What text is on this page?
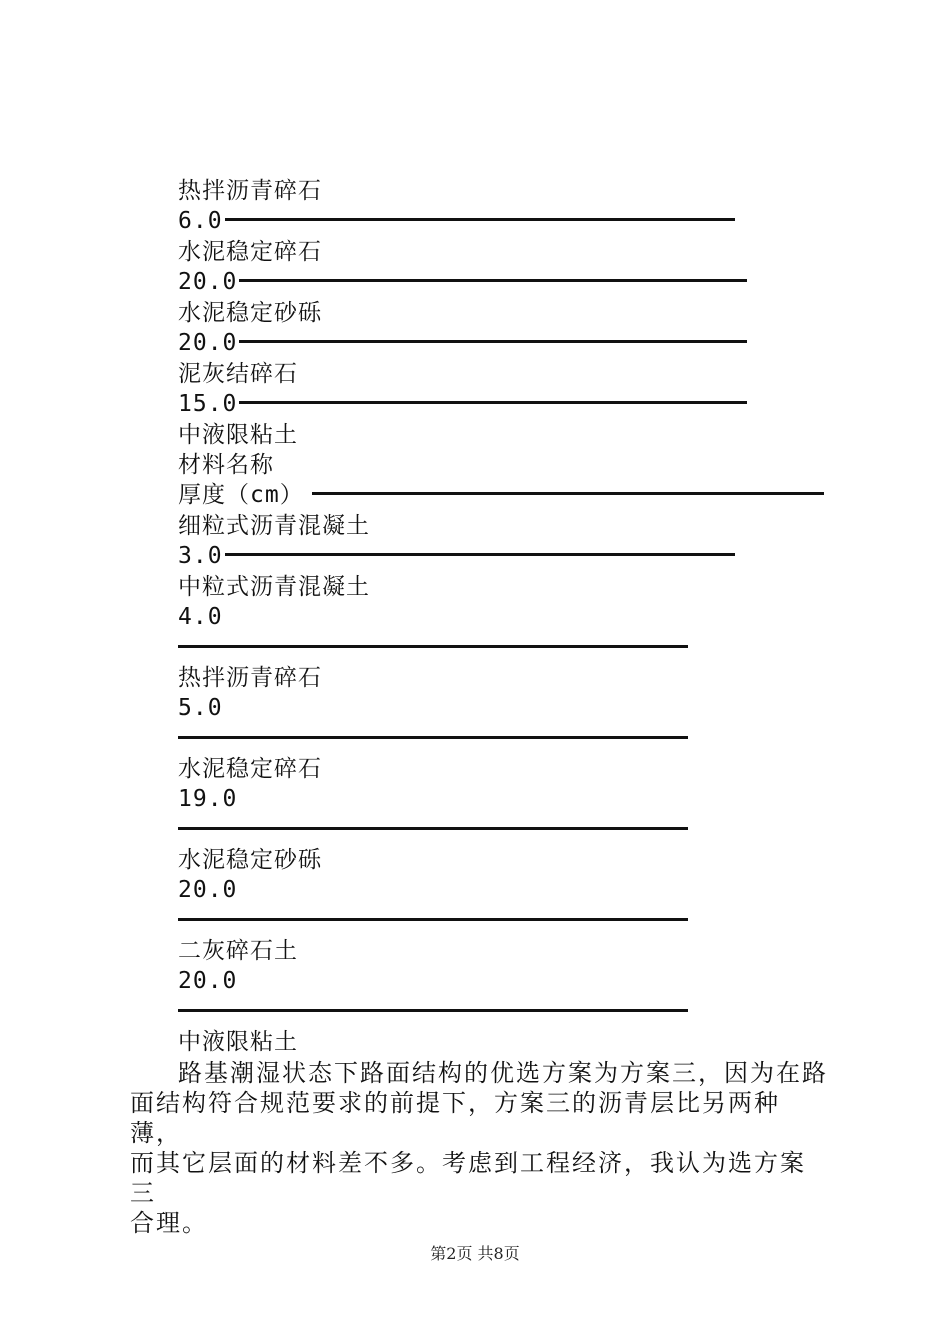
热拌沥青碎石
6.0
水泥稳定碎石
20.0
水泥稳定砂砾
20.0
泥灰结碎石
15.0
中液限粘土
材料名称
厚度（cm）
细粒式沥青混凝土
3.0
中粒式沥青混凝土
4.0
热拌沥青碎石
5.0
水泥稳定碎石
19.0
水泥稳定砂砾
20.0
二灰碎石土
20.0
中液限粘土
路基潮湿状态下路面结构的优选方案为方案三，因为在路
面结构符合规范要求的前提下，方案三的沥青层比另两种薄，
而其它层面的材料差不多。考虑到工程经济，我认为选方案三
合理。
第2页 共8页
